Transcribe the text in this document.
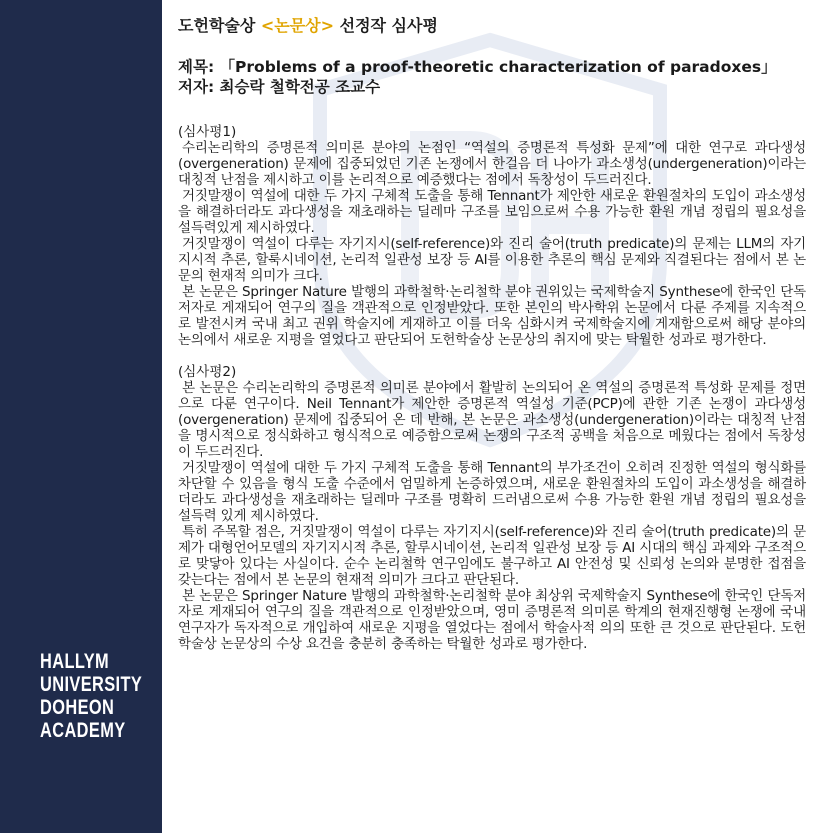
HALLYM
UNIVERSITY
DOHEON
ACADEMY
도헌학술상 <논문상> 선정작 심사평
제목: 「Problems of a proof-theoretic characterization of paradoxes」
저자: 최승락 철학전공 조교수
(심사평1)

수리논리학의 증명론적 의미론 분야의 논점인 “역설의 증명론적 특성화 문제”에 대한 연구로 과다생성(overgeneration) 문제에 집중되었던 기존 논쟁에서 한걸음 더 나아가 과소생성(undergeneration)이라는 대칭적 난점을 제시하고 이를 논리적으로 예증했다는 점에서 독창성이 두드러진다.

거짓말쟁이 역설에 대한 두 가지 구체적 도출을 통해 Tennant가 제안한 새로운 환원절차의 도입이 과소생성을 해결하더라도 과다생성을 재초래하는 딜레마 구조를 보임으로써 수용 가능한 환원 개념 정립의 필요성을 설득력있게 제시하였다.

거짓말쟁이 역설이 다루는 자기지시(self-reference)와 진리 술어(truth predicate)의 문제는 LLM의 자기지시적 추론, 할룩시네이션, 논리적 일관성 보장 등 AI를 이용한 추론의 핵심 문제와 직결된다는 점에서 본 논문의 현재적 의미가 크다.

본 논문은 Springer Nature 발행의 과학철학·논리철학 분야 권위있는 국제학술지 Synthese에 한국인 단독저자로 게재되어 연구의 질을 객관적으로 인정받았다. 또한 본인의 박사학위 논문에서 다룬 주제를 지속적으로 발전시켜 국내 최고 권위 학술지에 게재하고 이를 더욱 심화시켜 국제학술지에 게재함으로써 해당 분야의 논의에서 새로운 지평을 열었다고 판단되어 도헌학술상 논문상의 취지에 맞는 탁월한 성과로 평가한다.

(심사평2)

본 논문은 수리논리학의 증명론적 의미론 분야에서 활발히 논의되어 온 역설의 증명론적 특성화 문제를 정면으로 다룬 연구이다. Neil Tennant가 제안한 증명론적 역설성 기준(PCP)에 관한 기존 논쟁이 과다생성(overgeneration) 문제에 집중되어 온 데 반해, 본 논문은 과소생성(undergeneration)이라는 대칭적 난점을 명시적으로 정식화하고 형식적으로 예증함으로써 논쟁의 구조적 공백을 처음으로 메웠다는 점에서 독창성이 두드러진다.

거짓말쟁이 역설에 대한 두 가지 구체적 도출을 통해 Tennant의 부가조건이 오히려 진정한 역설의 형식화를 차단할 수 있음을 형식 도출 수준에서 엄밀하게 논증하였으며, 새로운 환원절차의 도입이 과소생성을 해결하더라도 과다생성을 재초래하는 딜레마 구조를 명확히 드러냄으로써 수용 가능한 환원 개념 정립의 필요성을 설득력 있게 제시하였다.

특히 주목할 점은, 거짓말쟁이 역설이 다루는 자기지시(self-reference)와 진리 술어(truth predicate)의 문제가 대형언어모델의 자기지시적 추론, 할루시네이션, 논리적 일관성 보장 등 AI 시대의 핵심 과제와 구조적으로 맞닿아 있다는 사실이다. 순수 논리철학 연구임에도 불구하고 AI 안전성 및 신뢰성 논의와 분명한 접점을 갖는다는 점에서 본 논문의 현재적 의미가 크다고 판단된다.

본 논문은 Springer Nature 발행의 과학철학·논리철학 분야 최상위 국제학술지 Synthese에 한국인 단독저자로 게재되어 연구의 질을 객관적으로 인정받았으며, 영미 증명론적 의미론 학계의 현재진행형 논쟁에 국내 연구자가 독자적으로 개입하여 새로운 지평을 열었다는 점에서 학술사적 의의 또한 큰 것으로 판단된다. 도헌학술상 논문상의 수상 요건을 충분히 충족하는 탁월한 성과로 평가한다.
